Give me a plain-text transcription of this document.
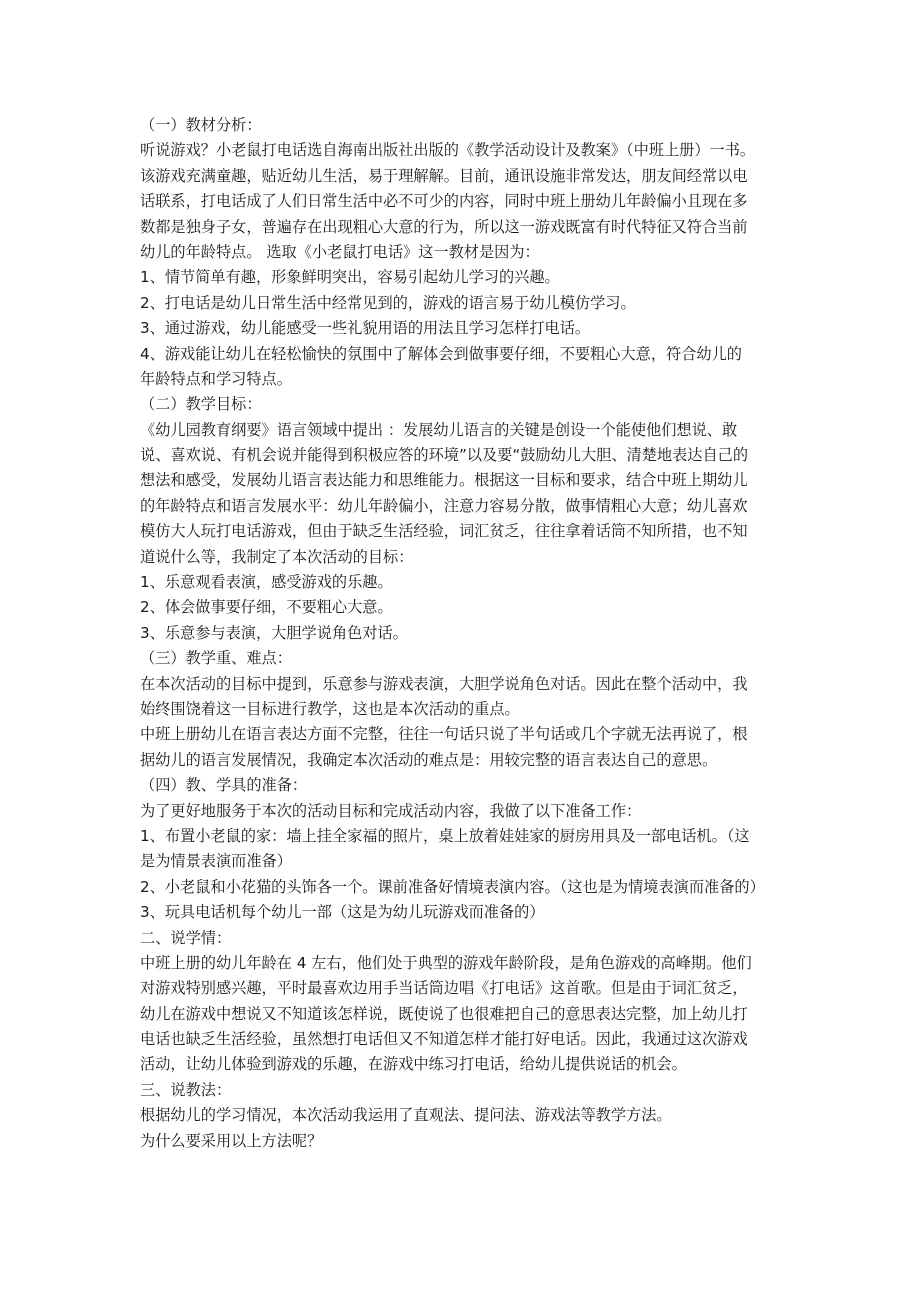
（一）教材分析：
听说游戏？小老鼠打电话选自海南出版社出版的《教学活动设计及教案》（中班上册）一书。
该游戏充满童趣，贴近幼儿生活，易于理解解。目前，通讯设施非常发达，朋友间经常以电
话联系，打电话成了人们日常生活中必不可少的内容，同时中班上册幼儿年龄偏小且现在多
数都是独身子女，普遍存在出现粗心大意的行为，所以这一游戏既富有时代特征又符合当前
幼儿的年龄特点。 选取《小老鼠打电话》这一教材是因为：
1、情节简单有趣，形象鲜明突出，容易引起幼儿学习的兴趣。
2、打电话是幼儿日常生活中经常见到的，游戏的语言易于幼儿模仿学习。
3、通过游戏，幼儿能感受一些礼貌用语的用法且学习怎样打电话。
4、游戏能让幼儿在轻松愉快的氛围中了解体会到做事要仔细，不要粗心大意，符合幼儿的
年龄特点和学习特点。
（二）教学目标：
《幼儿园教育纲要》语言领域中提出 ：发展幼儿语言的关键是创设一个能使他们想说、敢
说、喜欢说、有机会说并能得到积极应答的环境”以及要“鼓励幼儿大胆、清楚地表达自己的
想法和感受，发展幼儿语言表达能力和思维能力。根据这一目标和要求，结合中班上期幼儿
的年龄特点和语言发展水平：幼儿年龄偏小，注意力容易分散，做事情粗心大意；幼儿喜欢
模仿大人玩打电话游戏，但由于缺乏生活经验，词汇贫乏，往往拿着话筒不知所措，也不知
道说什么等，我制定了本次活动的目标：
1、乐意观看表演，感受游戏的乐趣。
2、体会做事要仔细，不要粗心大意。
3、乐意参与表演，大胆学说角色对话。
（三）教学重、难点：
在本次活动的目标中提到，乐意参与游戏表演，大胆学说角色对话。因此在整个活动中，我
始终围饶着这一目标进行教学，这也是本次活动的重点。
中班上册幼儿在语言表达方面不完整，往往一句话只说了半句话或几个字就无法再说了，根
据幼儿的语言发展情况，我确定本次活动的难点是：用较完整的语言表达自己的意思。
（四）教、学具的准备：
为了更好地服务于本次的活动目标和完成活动内容，我做了以下准备工作：
1、布置小老鼠的家：墙上挂全家福的照片，桌上放着娃娃家的厨房用具及一部电话机。（这
是为情景表演而准备）
2、小老鼠和小花猫的头饰各一个。课前准备好情境表演内容。（这也是为情境表演而准备的）
3、玩具电话机每个幼儿一部（这是为幼儿玩游戏而准备的）
二、说学情：
中班上册的幼儿年龄在 4 左右，他们处于典型的游戏年龄阶段，是角色游戏的高峰期。他们
对游戏特别感兴趣，平时最喜欢边用手当话筒边唱《打电话》这首歌。但是由于词汇贫乏，
幼儿在游戏中想说又不知道该怎样说，既使说了也很难把自己的意思表达完整，加上幼儿打
电话也缺乏生活经验，虽然想打电话但又不知道怎样才能打好电话。因此，我通过这次游戏
活动，让幼儿体验到游戏的乐趣，在游戏中练习打电话，给幼儿提供说话的机会。
三、说教法：
根据幼儿的学习情况，本次活动我运用了直观法、提问法、游戏法等教学方法。
为什么要采用以上方法呢？
